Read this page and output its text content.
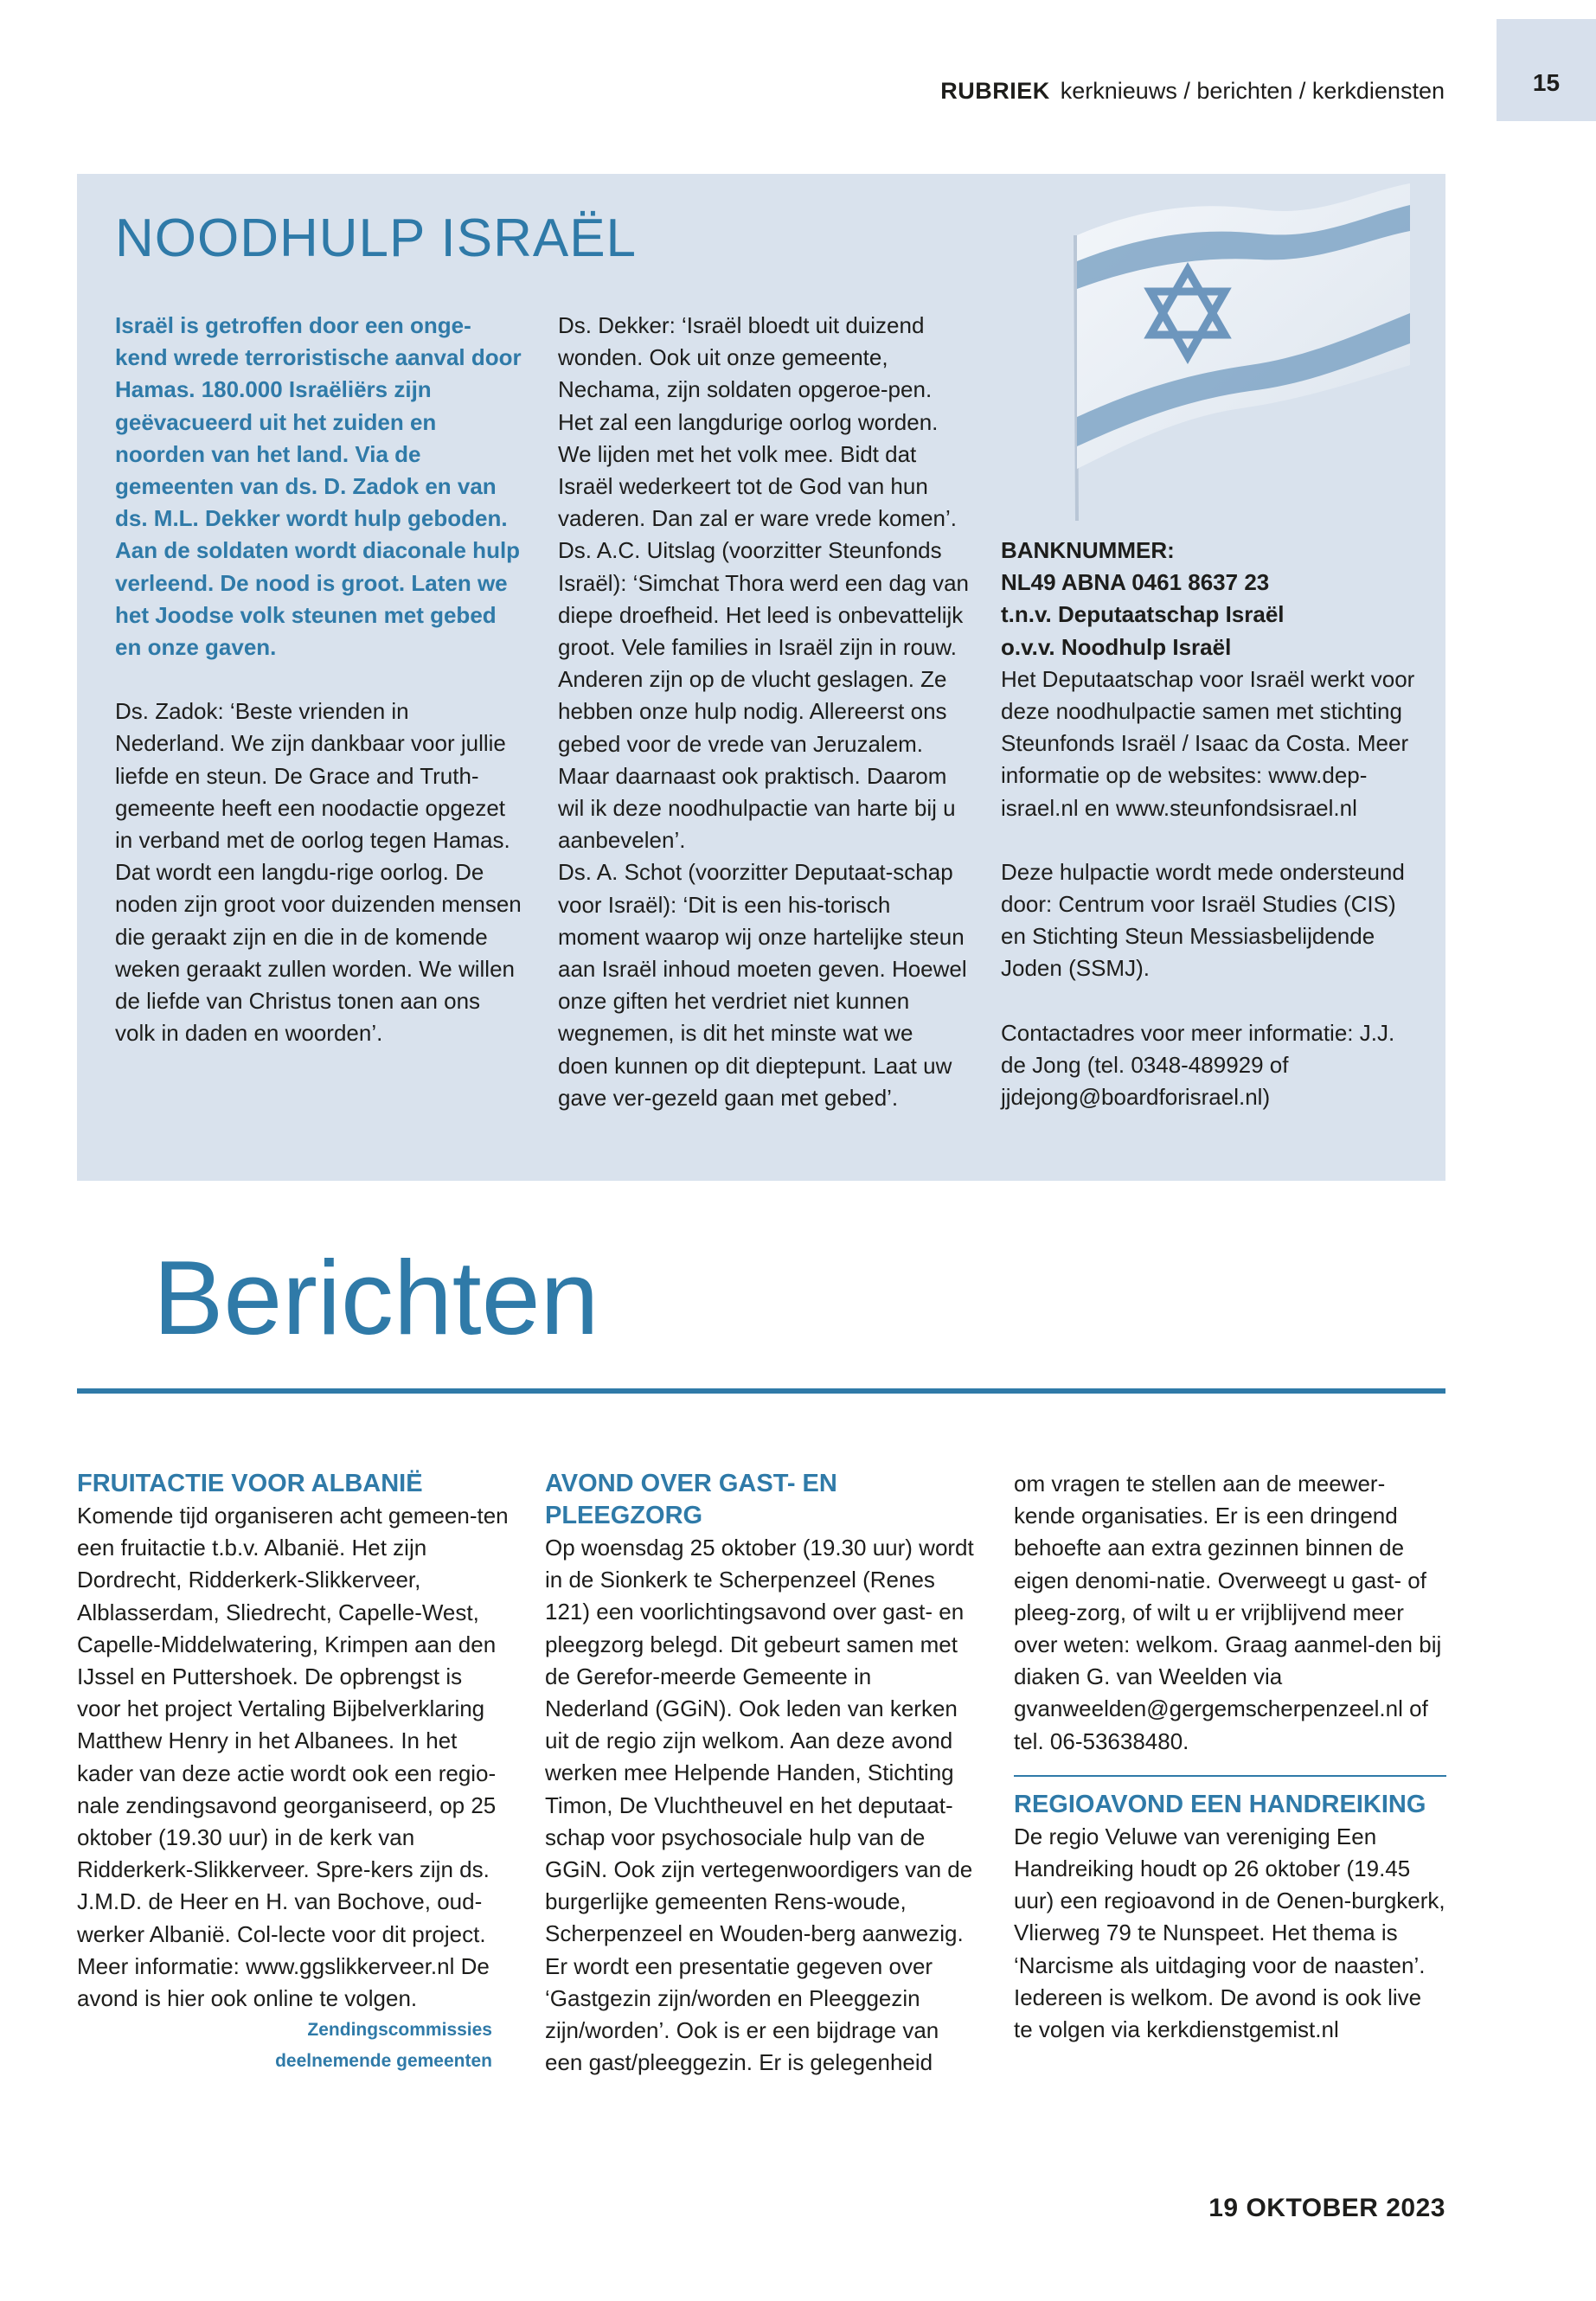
RUBRIEK kerknieuws / berichten / kerkdiensten	15
NOODHULP ISRAËL

Israël is getroffen door een onge-kend wrede terroristische aanval door Hamas. 180.000 Israëliërs zijn geëvacueerd uit het zuiden en noorden van het land. Via de gemeenten van ds. D. Zadok en van ds. M.L. Dekker wordt hulp geboden. Aan de soldaten wordt diaconale hulp verleend. De nood is groot. Laten we het Joodse volk steunen met gebed en onze gaven.

Ds. Zadok: ‘Beste vrienden in Nederland. We zijn dankbaar voor jullie liefde en steun. De Grace and Truth-gemeente heeft een noodactie opgezet in verband met de oorlog tegen Hamas. Dat wordt een langdu-rige oorlog. De noden zijn groot voor duizenden mensen die geraakt zijn en die in de komende weken geraakt zullen worden. We willen de liefde van Christus tonen aan ons volk in daden en woorden’.

Ds. Dekker: ‘Israël bloedt uit duizend wonden. Ook uit onze gemeente, Nechama, zijn soldaten opgeroe-pen. Het zal een langdurige oorlog worden. We lijden met het volk mee. Bidt dat Israël wederkeert tot de God van hun vaderen. Dan zal er ware vrede komen’.

Ds. A.C. Uitslag (voorzitter Steunfonds Israël): ‘Simchat Thora werd een dag van diepe droefheid. Het leed is onbevattelijk groot. Vele families in Israël zijn in rouw. Anderen zijn op de vlucht geslagen. Ze hebben onze hulp nodig. Allereerst ons gebed voor de vrede van Jeruzalem. Maar daarnaast ook praktisch. Daarom wil ik deze noodhulpactie van harte bij u aanbevelen’.

Ds. A. Schot (voorzitter Deputaat-schap voor Israël): ‘Dit is een his-torisch moment waarop wij onze hartelijke steun aan Israël inhoud moeten geven. Hoewel onze giften het verdriet niet kunnen wegnemen, is dit het minste wat we doen kunnen op dit dieptepunt. Laat uw gave ver-gezeld gaan met gebed’.

BANKNUMMER:

NL49 ABNA 0461 8637 23

t.n.v. Deputaatschap Israël

o.v.v. Noodhulp Israël

Het Deputaatschap voor Israël werkt voor deze noodhulpactie samen met stichting Steunfonds Israël / Isaac da Costa. Meer informatie op de websites: www.dep-israel.nl en www.steunfondsisrael.nl

Deze hulpactie wordt mede ondersteund door: Centrum voor Israël Studies (CIS) en Stichting Steun Messiasbelijdende Joden (SSMJ).

Contactadres voor meer informatie: J.J. de Jong (tel. 0348-489929 of jjdejong@boardforisrael.nl)

Berichten

FRUITACTIE VOOR ALBANIË

Komende tijd organiseren acht gemeen-ten een fruitactie t.b.v. Albanië. Het zijn Dordrecht, Ridderkerk-Slikkerveer, Alblasserdam, Sliedrecht, Capelle-West, Capelle-Middelwatering, Krimpen aan den IJssel en Puttershoek. De opbrengst is voor het project Vertaling Bijbelverklaring Matthew Henry in het Albanees. In het kader van deze actie wordt ook een regio-nale zendingsavond georganiseerd, op 25 oktober (19.30 uur) in de kerk van Ridderkerk-Slikkerveer. Spre-kers zijn ds. J.M.D. de Heer en H. van Bochove, oud-werker Albanië. Col-lecte voor dit project. Meer informatie: www.ggslikkerveer.nl De avond is hier ook online te volgen.

Zendingscommissies

deelnemende gemeenten

AVOND OVER GAST- EN PLEEGZORG

Op woensdag 25 oktober (19.30 uur) wordt in de Sionkerk te Scherpenzeel (Renes 121) een voorlichtingsavond over gast- en pleegzorg belegd. Dit gebeurt samen met de Gerefor-meerde Gemeente in Nederland (GGiN). Ook leden van kerken uit de regio zijn welkom. Aan deze avond werken mee Helpende Handen, Stichting Timon, De Vluchtheuvel en het deputaat-schap voor psychosociale hulp van de GGiN. Ook zijn vertegenwoordigers van de burgerlijke gemeenten Rens-woude, Scherpenzeel en Wouden-berg aanwezig. Er wordt een presentatie gegeven over ‘Gastgezin zijn/worden en Pleeggezin zijn/worden’. Ook is er een bijdrage van een gast/pleeggezin. Er is gelegenheid

om vragen te stellen aan de meewer-kende organisaties. Er is een dringend behoefte aan extra gezinnen binnen de eigen denomi-natie. Overweegt u gast- of pleeg-zorg, of wilt u er vrijblijvend meer over weten: welkom. Graag aanmel-den bij diaken G. van Weelden via gvanweelden@gergemscherpenzeel.nl of tel. 06-53638480.

REGIOAVOND EEN HANDREIKING

De regio Veluwe van vereniging Een Handreiking houdt op 26 oktober (19.45 uur) een regioavond in de Oenen-burgkerk, Vlierweg 79 te Nunspeet. Het thema is ‘Narcisme als uitdaging voor de naasten’. Iedereen is welkom. De avond is ook live te volgen via kerkdienstgemist.nl

19 OKTOBER 2023
